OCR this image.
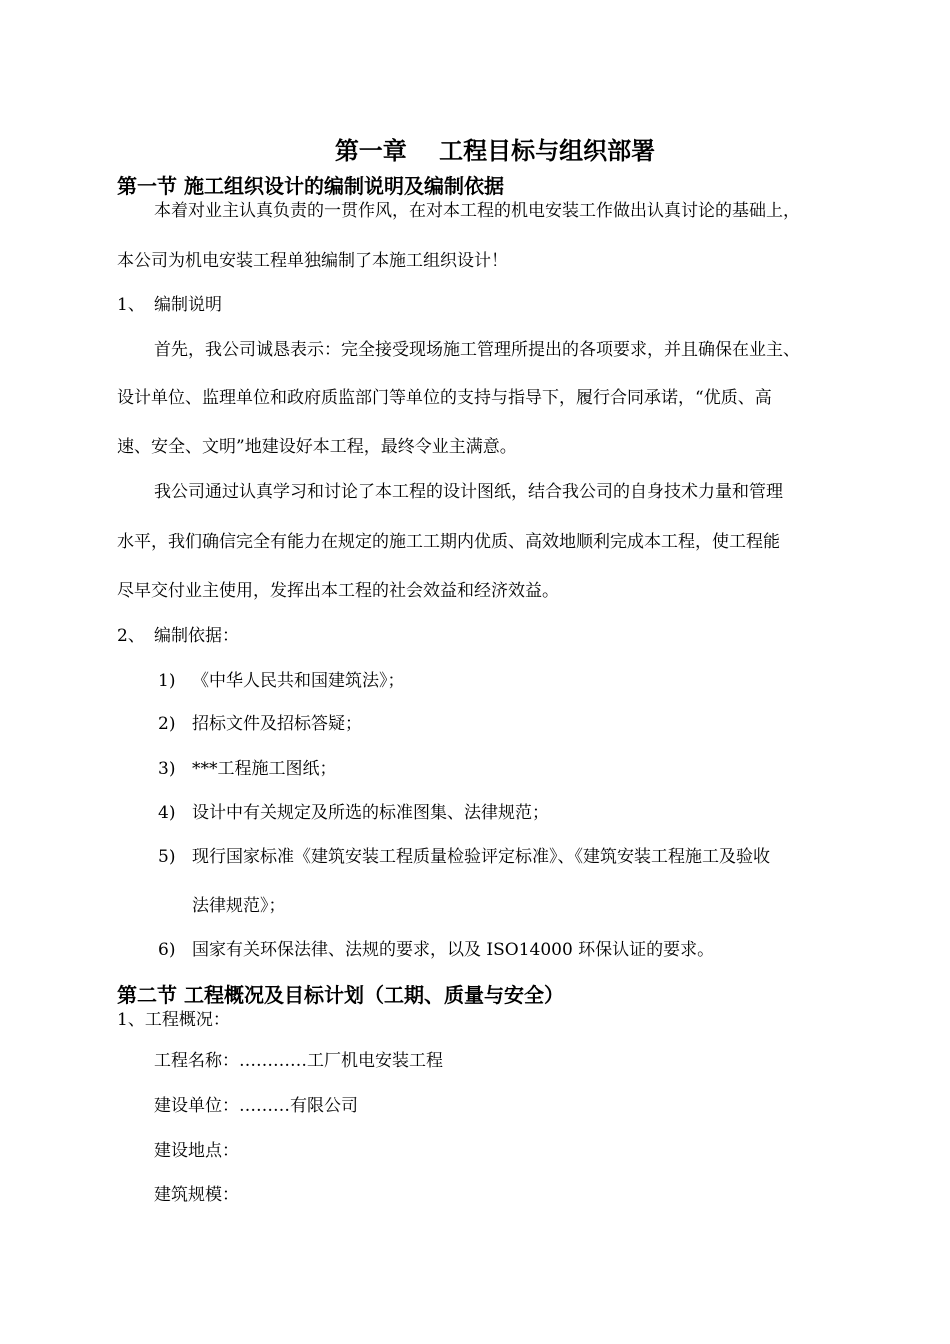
第一章　 工程目标与组织部署
第一节 施工组织设计的编制说明及编制依据
本着对业主认真负责的一贯作风，在对本工程的机电安装工作做出认真讨论的基础上，
本公司为机电安装工程单独编制了本施工组织设计！
1、 编制说明
首先，我公司诚恳表示：完全接受现场施工管理所提出的各项要求，并且确保在业主、
设计单位、监理单位和政府质监部门等单位的支持与指导下，履行合同承诺，“优质、高
速、安全、文明”地建设好本工程，最终令业主满意。
我公司通过认真学习和讨论了本工程的设计图纸，结合我公司的自身技术力量和管理
水平，我们确信完全有能力在规定的施工工期内优质、高效地顺利完成本工程，使工程能
尽早交付业主使用，发挥出本工程的社会效益和经济效益。
2、 编制依据：
1) 《中华人民共和国建筑法》；
2) 招标文件及招标答疑；
3) ***工程施工图纸；
4) 设计中有关规定及所选的标准图集、法律规范；
5) 现行国家标准《建筑安装工程质量检验评定标准》、《建筑安装工程施工及验收
法律规范》；
6) 国家有关环保法律、法规的要求，以及 ISO14000 环保认证的要求。
第二节 工程概况及目标计划（工期、质量与安全）
1、工程概况：
工程名称：…………工厂机电安装工程
建设单位：………有限公司
建设地点：
建筑规模：
